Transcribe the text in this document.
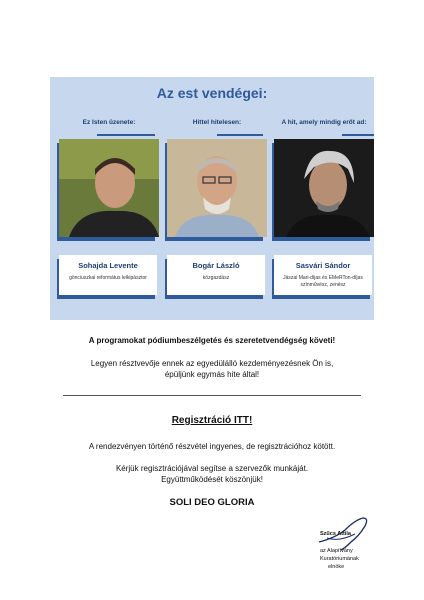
Az est vendégei:
Ez Isten üzenete:
Sohajda Levente
gönciuszkai református lelkipásztor
Hittel hitelesen:
Bogár László
közgazdász
A hit, amely mindig erőt ad:
Sasvári Sándor
Jászai Mari-díjas és EMeRTon-díjas színművész, zenész
A programokat pódiumbeszélgetés és szeretetvendégség követi!
Legyen résztvevője ennek az egyedülálló kezdeményezésnek Ön is,
épüljünk egymás hite által!
Regisztráció ITT!
A rendezvényen történő részvétel ingyenes, de regisztrációhoz kötött.
Kérjük regisztrációjával segítse a szervezők munkáját.
Együttműködését köszönjük!
SOLI DEO GLORIA
Szűcs Attila
az Alapítvány
Kuratóriumának
elnöke
